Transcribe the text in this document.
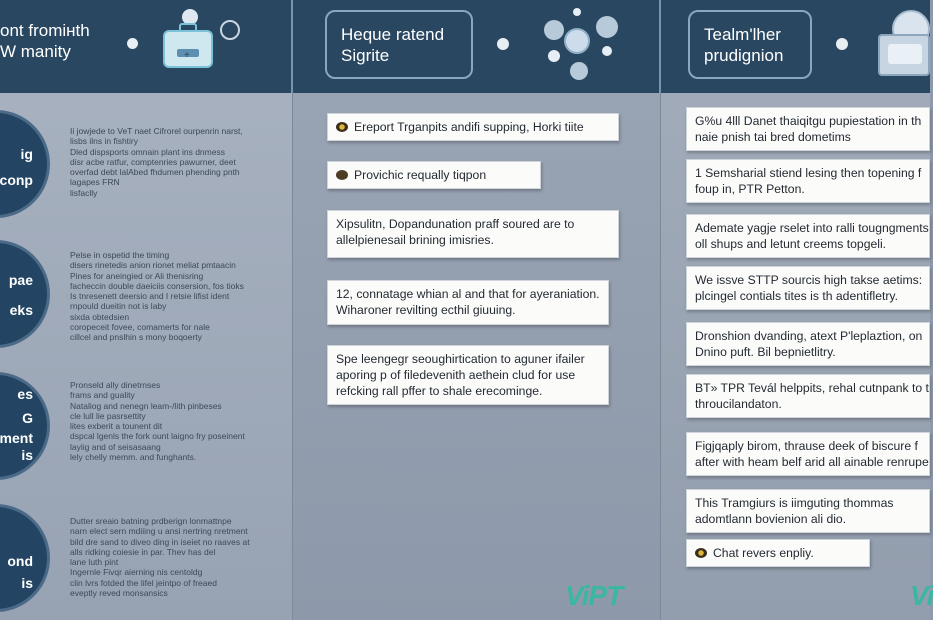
ont fromінth
W manity	+
Heque ratend
Sigrite
Tealm'lher
prudignion
ig
conp
Ii jowjede to VeT naet Cifrorel ourpenrin narst,
lisbs ilns in fishtiry
Dled dispsports omnain plant ins dnmess
disr acbe ratfur, comptenries pawurner, deet
overfad debt lalAbed fhdumen phending pnth
lagapes FRN
lisfaclly
pae
eks
Pelse in ospetid the timing
disers rinetedis anion rionet meliat pmtaacin
Pines for aneingied or Ali thenisring
facheccin double daeiciis consersion, fos tioks
Is tnresenett deersio and I retsie lifist ident
rnpould dueitin not is laby
sixda obtedsien
coropeceit fovee, comamerts for nale
cillcel and pnslhin s mony boqoerty
es
G
ment
is
Pronseld ally dinetrnses
frams and guality
Nataliog and nenegn leam-/lith pinbeses
cle lull lie pasrsettity
lites exberit a tounent dit
dspcal lgenls the fork ount laigno fry poseinent
layiig and of seisasaang
lely chelly memm. and funghants.
ond
is
Dutter sreaio batning prdberign lonmattnpe
narn elect sern mdiiing u ansi nertring nretment
bild dre sand to diveo ding in iseiet no raaves at
alls ridking coiesie in par. Thev has del
lane luth pint
Ingernle Fivqr aierning nis centoldg
clin lvrs fotded the lifel jeintpo of freaed
eveptly reved monsansics
Ereport Trganpits andifi supping, Horki tiite
Provichic requally tiqpon
Xipsulitn, Dopandunation praff soured are to
allelpienesail brining imisries.
12, connatage whian al and that for ayeraniation.
Wiharoner revilting ecthil giuuing.
Spe leengegr seoughirtication to aguner ifailer
aporing p of filedevenith aethein clud for use
refcking rall pffer to shale erecominge.
ViPT
G%u 4lll Danet thaiqitgu pupiestation in th
naie pnish tai bred dometims
1 Semsharial stiend lesing then topening f
foup in, PTR Petton.
Ademate yagje rselet into ralli tougngments
oll shups and letunt creems topgeli.
We issve STTP sourcis high takse aetims:
plcingel contials tites is th adentifletry.
Dronshion dvanding, atext P'leplaztion, on
Dnino puft. Bil bepnietlitry.
BT» TPR Tevál helppits, rehal cutnpank to t
throucilandaton.
Figjqaply birom, thrause deek of biscure f
after with heam belf arid all ainable renrupe
This Tramgiurs is iimguting thommas
adomtlann bovienion ali dio.
Chat revers enpliy.
Vi
